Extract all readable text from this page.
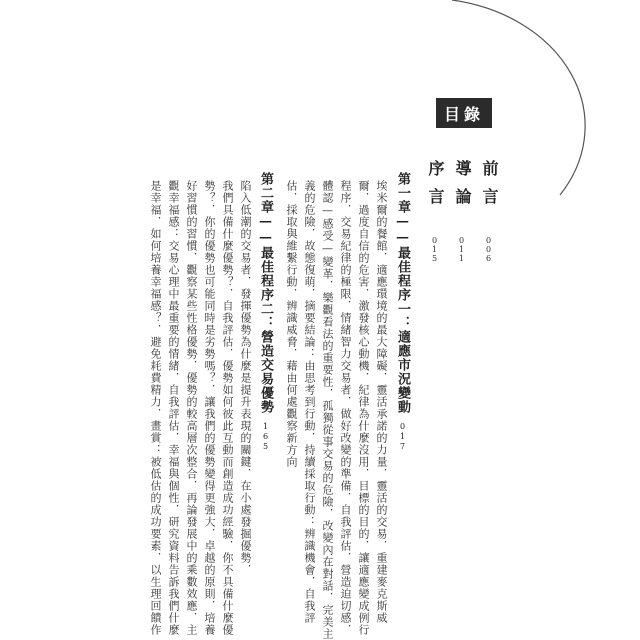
目錄
前言
006
導論
011
序言
015
第一章——最佳程序一：適應市況變動017
埃米爾的餐館．適應環境的最大障礙．靈活承諾的力量．靈活的交易．重建麥克斯威
爾．過度自信的危害．激發核心動機．紀律為什麼沒用．目標的目的．讓適應變成例行
程序．交易紀律的極限．情緒智力交易者．做好改變的準備．自我評估．營造迫切感．
體認—感受—變革．樂觀看法的重要性．孤獨從事交易的危險．改變內在對話．完美主
義的危險．故態復萌．摘要結論：由思考到行動．持續採取行動：辨識機會．自我評
估．採取與維繫行動．辨識威脅．藉由何處觀察新方向
第二章——最佳程序二：營造交易優勢165
陷入低潮的交易者．發揮優勢為什麼是提升表現的關鍵．在小處發掘優勢．
我們具備什麼優勢？．自我評估．優勢如何彼此互動而創造成功經驗．你不具備什麼優
勢？．你的優勢也可能同時是劣勢嗎？．讓我們的優勢變得更強大．卓越的原則．培養
好習慣的習慣．觀察某些性格優勢．優勢的較高層次整合．再論發展中的乘數效應．主
觀幸福感：交易心理中最重要的情緒．自我評估．幸福與個性．研究資料告訴我們什麼
是幸福．如何培養幸福感？．避免耗費精力．畫賞：被低估的成功要素．以生理回饋作
